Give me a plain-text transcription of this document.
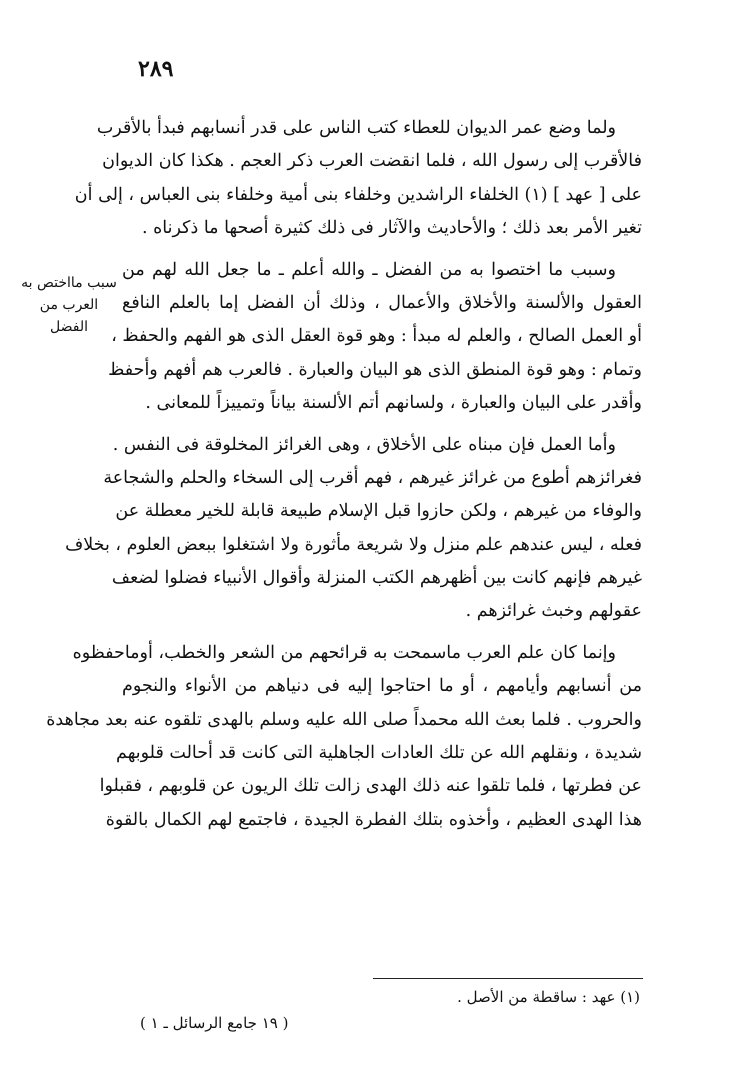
٢٨٩
سبب مااختص به العرب من الفضل
ولما وضع عمر الديوان للعطاء كتب الناس على قدر أنسابهم فبدأ بالأقرب
فالأقرب إلى رسول الله ، فلما انقضت العرب ذكر العجم . هكذا كان الديوان
على [ عهد ] (١) الخلفاء الراشدين وخلفاء بنى أمية وخلفاء بنى العباس ، إلى أن
تغير الأمر بعد ذلك ؛ والأحاديث والآثار فى ذلك كثيرة أصحها ما ذكرناه .
وسبب ما اختصوا به من الفضل ـ والله أعلم ـ ما جعل الله لهم من
العقول والألسنة والأخلاق والأعمال ، وذلك أن الفضل إما بالعلم النافع
أو العمل الصالح ، والعلم له مبدأ : وهو قوة العقل الذى هو الفهم والحفظ ،
وتمام : وهو قوة المنطق الذى هو البيان والعبارة . فالعرب هم أفهم وأحفظ
وأقدر على البيان والعبارة ، ولسانهم أتم الألسنة بياناً وتمييزاً للمعانى .
وأما العمل فإن مبناه على الأخلاق ، وهى الغرائز المخلوقة فى النفس .
فغرائزهم أطوع من غرائز غيرهم ، فهم أقرب إلى السخاء والحلم والشجاعة
والوفاء من غيرهم ، ولكن حازوا قبل الإسلام طبيعة قابلة للخير معطلة عن
فعله ، ليس عندهم علم منزل ولا شريعة مأثورة ولا اشتغلوا ببعض العلوم ، بخلاف
غيرهم فإنهم كانت بين أظهرهم الكتب المنزلة وأقوال الأنبياء فضلوا لضعف
عقولهم وخبث غرائزهم .
وإنما كان علم العرب ماسمحت به قرائحهم من الشعر والخطب، أوماحفظوه
من أنسابهم وأيامهم ، أو ما احتاجوا إليه فى دنياهم من الأنواء والنجوم
والحروب . فلما بعث الله محمداً صلى الله عليه وسلم بالهدى تلقوه عنه بعد مجاهدة
شديدة ، ونقلهم الله عن تلك العادات الجاهلية التى كانت قد أحالت قلوبهم
عن فطرتها ، فلما تلقوا عنه ذلك الهدى زالت تلك الريون عن قلوبهم ، فقبلوا
هذا الهدى العظيم ، وأخذوه بتلك الفطرة الجيدة ، فاجتمع لهم الكمال بالقوة
(١) عهد : ساقطة من الأصل .
( ١٩ جامع الرسائل ـ ١ )
